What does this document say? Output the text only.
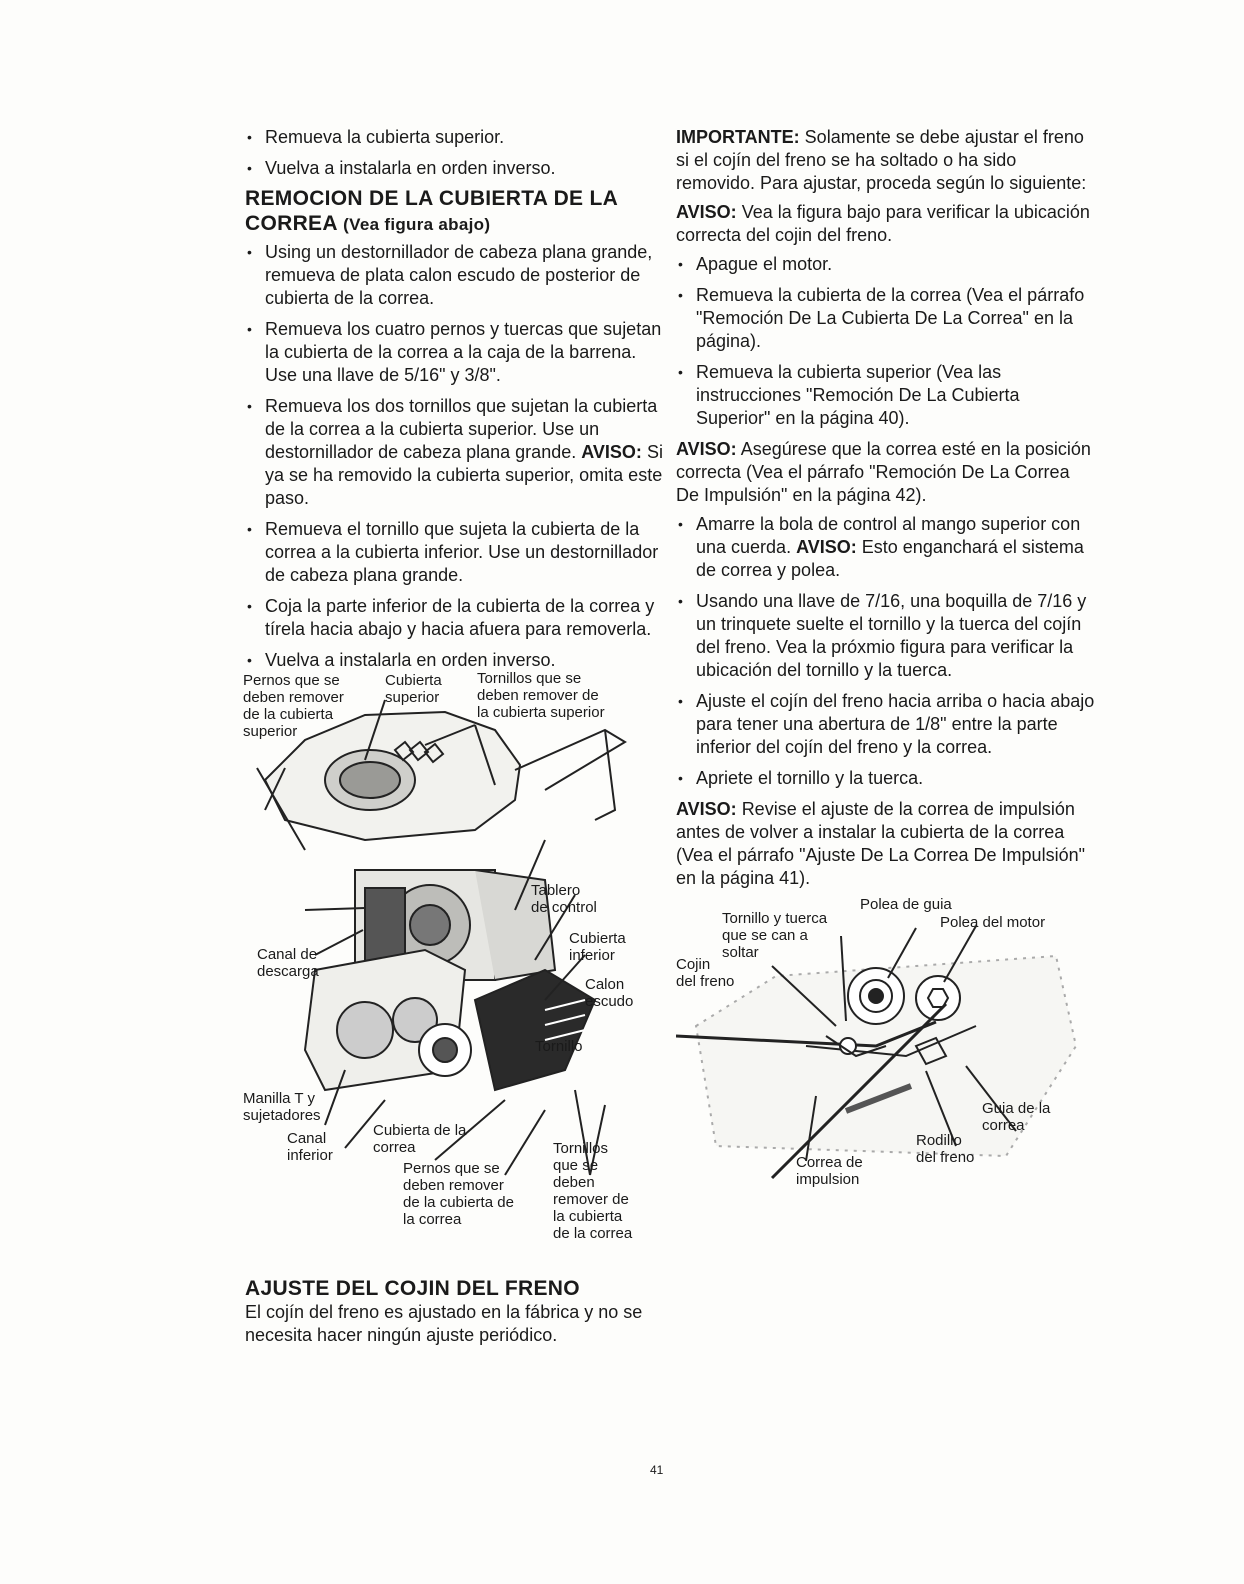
• Remueva la cubierta superior.
• Vuelva a instalarla en orden inverso.
REMOCION DE LA CUBIERTA DE LA CORREA (Vea figura abajo)
• Using un destornillador de cabeza plana grande, remueva de plata calon escudo de posterior de cubierta de la correa.
• Remueva los cuatro pernos y tuercas que sujetan la cubierta de la correa a la caja de la barrena. Use una llave de 5/16" y 3/8".
• Remueva los dos tornillos que sujetan la cubierta de la correa a la cubierta superior. Use un destornillador de cabeza plana grande. AVISO: Si ya se ha removido la cubierta superior, omita este paso.
• Remueva el tornillo que sujeta la cubierta de la correa a la cubierta inferior. Use un destornillador de cabeza plana grande.
• Coja la parte inferior de la cubierta de la correa y tírela hacia abajo y hacia afuera para removerla.
• Vuelva a instalarla en orden inverso.
Pernos que se
deben remover
de la cubierta
superior
Cubierta
superior
Tornillos que se
deben remover de
la cubierta superior
Tablero
de control
Cubierta
inferior
Canal de
descarga
Calon
escudo
Tornillo
Manilla T y
sujetadores
Canal
inferior
Cubierta de la
correa
Pernos que se
deben remover
de la cubierta de
la correa
Tornillos
que se
deben
remover de
la cubierta
de la correa
AJUSTE DEL COJIN DEL FRENO

El cojín del freno es ajustado en la fábrica y no se necesita hacer ningún ajuste periódico.

IMPORTANTE: Solamente se debe ajustar el freno si el cojín del freno se ha soltado o ha sido removido. Para ajustar, proceda según lo siguiente:

AVISO: Vea la figura bajo para verificar la ubicación correcta del cojin del freno.

• Apague el motor.
• Remueva la cubierta de la correa (Vea el párrafo "Remoción De La Cubierta De La Correa" en la página).
• Remueva la cubierta superior (Vea las instrucciones "Remoción De La Cubierta Superior" en la página 40).

AVISO: Asegúrese que la correa esté en la posición correcta (Vea el párrafo "Remoción De La Correa De Impulsión" en la página 42).

• Amarre la bola de control al mango superior con una cuerda. AVISO: Esto enganchará el sistema de correa y polea.
• Usando una llave de 7/16, una boquilla de 7/16 y un trinquete suelte el tornillo y la tuerca del cojín del freno. Vea la próxmio figura para verificar la ubicación del tornillo y la tuerca.
• Ajuste el cojín del freno hacia arriba o hacia abajo para tener una abertura de 1/8" entre la parte inferior del cojín del freno y la correa.
• Apriete el tornillo y la tuerca.

AVISO: Revise el ajuste de la correa de impulsión antes de volver a instalar la cubierta de la correa (Vea el párrafo "Ajuste De La Correa De Impulsión" en la página 41).

Polea de guia
Tornillo y tuerca
que se can a
soltar
Polea del motor
Cojin
del freno
Guia de la
correa
Rodillo
del freno
Correa de
impulsion
41
